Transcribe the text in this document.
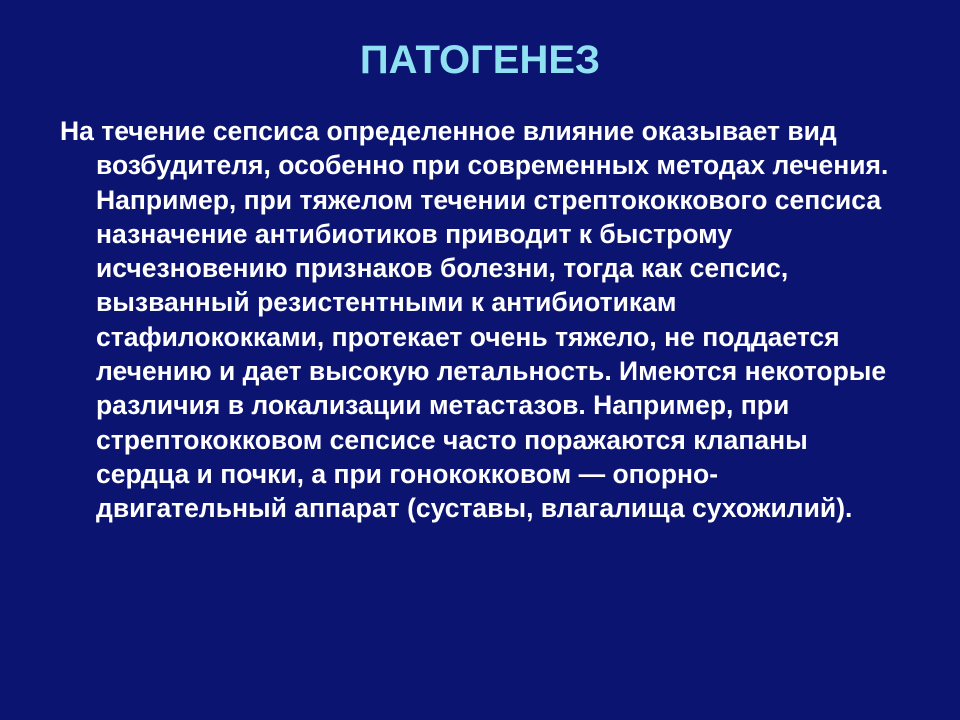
ПАТОГЕНЕЗ

На течение сепсиса определенное влияние оказывает вид возбудителя, особенно при современных методах лечения. Например, при тяжелом течении стрептококкового сепсиса назначение антибиотиков приводит к быстрому исчезновению признаков болезни, тогда как сепсис, вызванный резистентными к антибиотикам стафилококками, протекает очень тяжело, не поддается лечению и дает высокую летальность. Имеются некоторые различия в локализации метастазов. Например, при стрептококковом сепсисе часто поражаются клапаны сердца и почки, а при гонококковом — опорно-двигательный аппарат (суставы, влагалища сухожилий).
